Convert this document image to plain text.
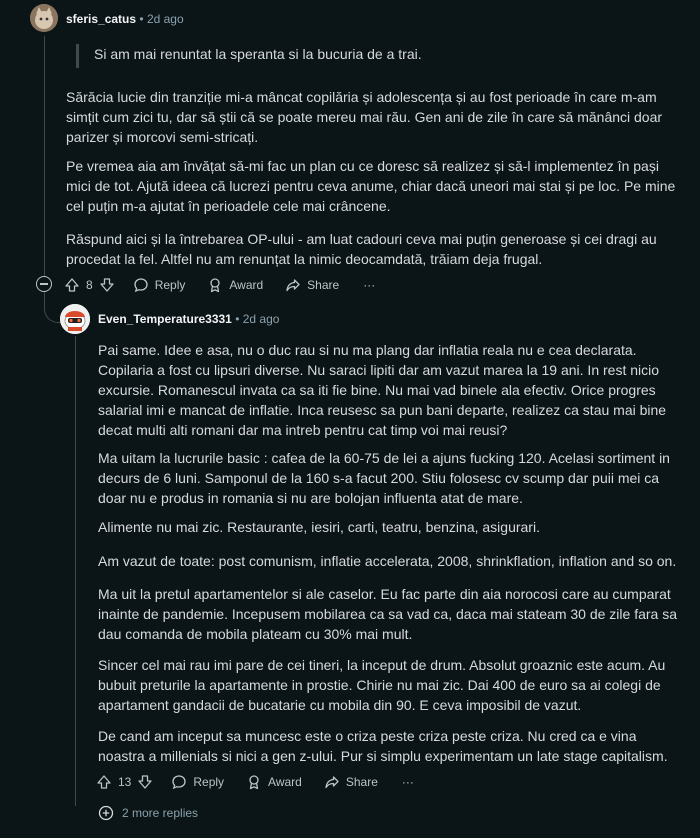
sferis_catus • 2d ago
Si am mai renuntat la speranta si la bucuria de a trai.

Sărăcia lucie din tranziție mi-a mâncat copilăria și adolescența și au fost perioade în care m-am simțit cum zici tu, dar să știi că se poate mereu mai rău. Gen ani de zile în care să mănânci doar parizer și morcovi semi-stricați.

Pe vremea aia am învățat să-mi fac un plan cu ce doresc să realizez și să-l implementez în pași mici de tot. Ajută ideea că lucrezi pentru ceva anume, chiar dacă uneori mai stai și pe loc. Pe mine cel puțin m-a ajutat în perioadele cele mai crâncene.

Răspund aici și la întrebarea OP-ului - am luat cadouri ceva mai puțin generoase și cei dragi au procedat la fel. Altfel nu am renunțat la nimic deocamdată, trăiam deja frugal.

8	Reply	Award	Share ···
Even_Temperature3331 • 2d ago

Pai same. Idee e asa, nu o duc rau si nu ma plang dar inflatia reala nu e cea declarata. Copilaria a fost cu lipsuri diverse. Nu saraci lipiti dar am vazut marea la 19 ani. In rest nicio excursie. Romanescul invata ca sa iti fie bine. Nu mai vad binele ala efectiv. Orice progres salarial imi e mancat de inflatie. Inca reusesc sa pun bani departe, realizez ca stau mai bine decat multi alti romani dar ma intreb pentru cat timp voi mai reusi?

Ma uitam la lucrurile basic : cafea de la 60-75 de lei a ajuns fucking 120. Acelasi sortiment in decurs de 6 luni. Samponul de la 160 s-a facut 200. Stiu folosesc cv scump dar puii mei ca doar nu e produs in romania si nu are bolojan influenta atat de mare.

Alimente nu mai zic. Restaurante, iesiri, carti, teatru, benzina, asigurari.

Am vazut de toate: post comunism, inflatie accelerata, 2008, shrinkflation, inflation and so on.

Ma uit la pretul apartamentelor si ale caselor. Eu fac parte din aia norocosi care au cumparat inainte de pandemie. Incepusem mobilarea ca sa vad ca, daca mai stateam 30 de zile fara sa dau comanda de mobila plateam cu 30% mai mult.

Sincer cel mai rau imi pare de cei tineri, la inceput de drum. Absolut groaznic este acum. Au bubuit preturile la apartamente in prostie. Chirie nu mai zic. Dai 400 de euro sa ai colegi de apartament gandacii de bucatarie cu mobila din 90. E ceva imposibil de vazut.

De cand am inceput sa muncesc este o criza peste criza peste criza. Nu cred ca e vina noastra a millenials si nici a gen z-ului. Pur si simplu experimentam un late stage capitalism.

13	Reply	Award	Share ···
2 more replies
